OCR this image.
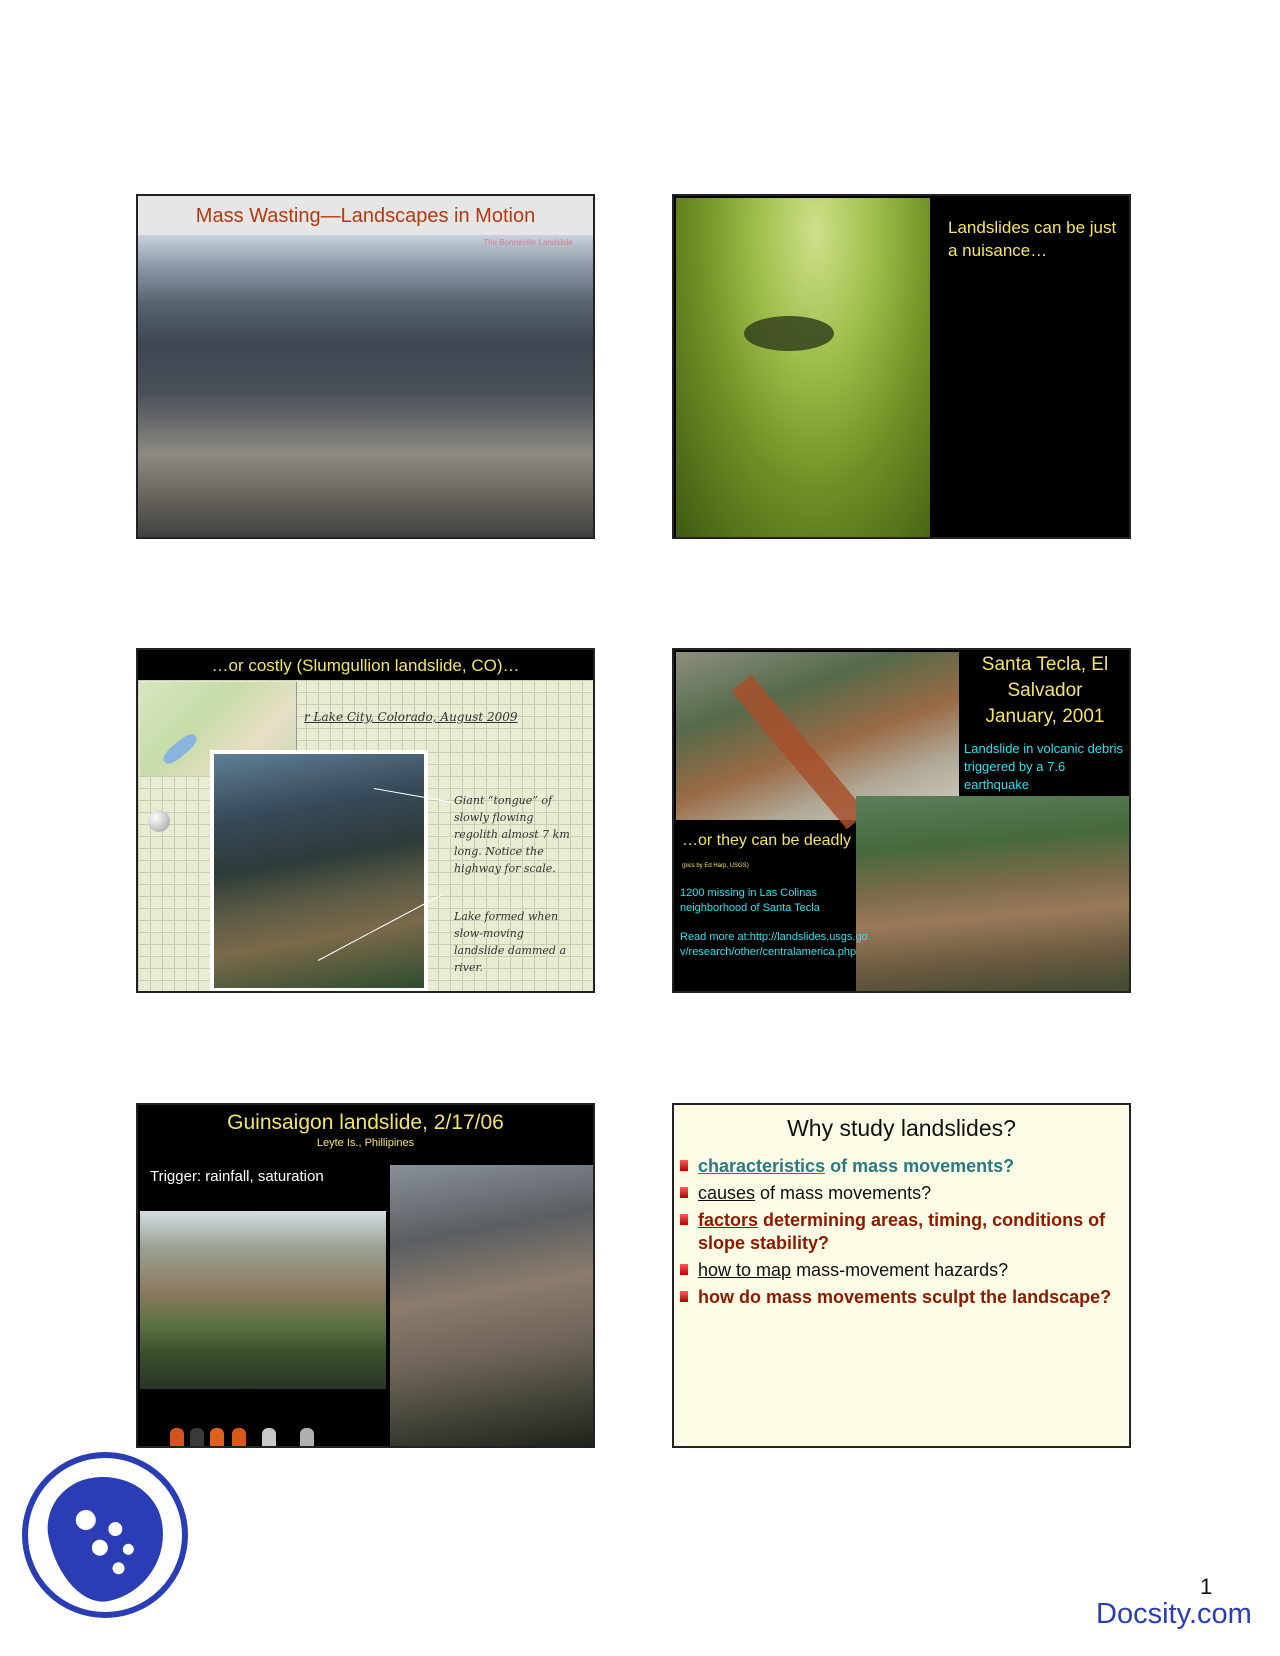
Mass Wasting—Landscapes in Motion
The Bonneville Landslide
Landslides can be just a nuisance…
…or costly (Slumgullion landslide, CO)…
r Lake City, Colorado, August 2009
Giant “tongue” of slowly flowing regolith almost 7 km long. Notice the highway for scale.
Lake formed when slow-moving landslide dammed a river.
Santa Tecla, El Salvador
January, 2001
Landslide in volcanic debris triggered by a 7.6 earthquake
…or they can be deadly (pics by Ed Harp, USGS)
1200 missing in Las Colinas neighborhood of Santa Tecla
Read more at:http://landslides.usgs.gov/research/other/centralamerica.php
Guinsaigon landslide, 2/17/06
Leyte Is., Phillipines
Trigger: rainfall, saturation
Why study landslides?
characteristics of mass movements?
causes of mass movements?
factors determining areas, timing, conditions of slope stability?
how to map mass-movement hazards?
how do mass movements sculpt the landscape?
1
Docsity.com
